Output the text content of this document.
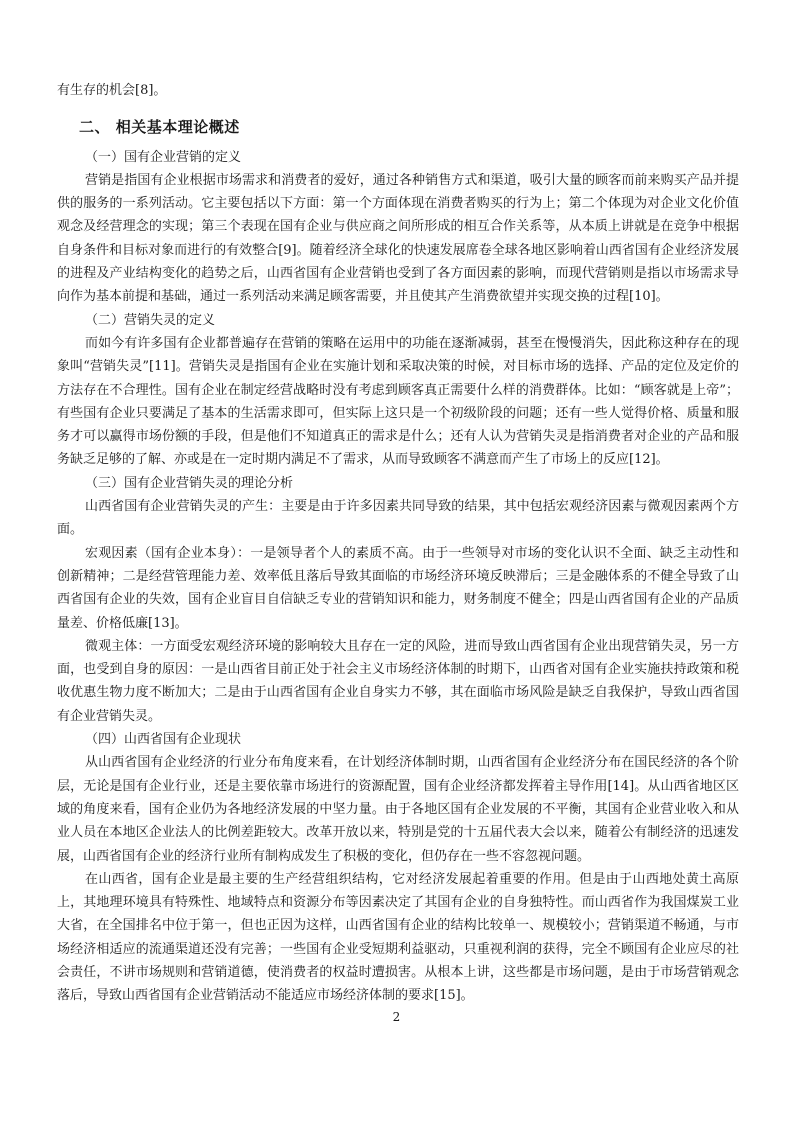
有生存的机会[8]。

二、 相关基本理论概述

（一）国有企业营销的定义

营销是指国有企业根据市场需求和消费者的爱好，通过各种销售方式和渠道，吸引大量的顾客而前来购买产品并提供的服务的一系列活动。它主要包括以下方面：第一个方面体现在消费者购买的行为上；第二个体现为对企业文化价值观念及经营理念的实现；第三个表现在国有企业与供应商之间所形成的相互合作关系等，从本质上讲就是在竞争中根据自身条件和目标对象而进行的有效整合[9]。随着经济全球化的快速发展席卷全球各地区影响着山西省国有企业经济发展的进程及产业结构变化的趋势之后，山西省国有企业营销也受到了各方面因素的影响，而现代营销则是指以市场需求导向作为基本前提和基础，通过一系列活动来满足顾客需要，并且使其产生消费欲望并实现交换的过程[10]。

（二）营销失灵的定义

而如今有许多国有企业都普遍存在营销的策略在运用中的功能在逐渐减弱，甚至在慢慢消失，因此称这种存在的现象叫“营销失灵”[11]。营销失灵是指国有企业在实施计划和采取决策的时候，对目标市场的选择、产品的定位及定价的方法存在不合理性。国有企业在制定经营战略时没有考虑到顾客真正需要什么样的消费群体。比如：“顾客就是上帝”；有些国有企业只要满足了基本的生活需求即可，但实际上这只是一个初级阶段的问题；还有一些人觉得价格、质量和服务才可以赢得市场份额的手段，但是他们不知道真正的需求是什么；还有人认为营销失灵是指消费者对企业的产品和服务缺乏足够的了解、亦或是在一定时期内满足不了需求，从而导致顾客不满意而产生了市场上的反应[12]。

（三）国有企业营销失灵的理论分析

山西省国有企业营销失灵的产生：主要是由于许多因素共同导致的结果，其中包括宏观经济因素与微观因素两个方面。

宏观因素（国有企业本身）：一是领导者个人的素质不高。由于一些领导对市场的变化认识不全面、缺乏主动性和创新精神；二是经营管理能力差、效率低且落后导致其面临的市场经济环境反映滞后；三是金融体系的不健全导致了山西省国有企业的失效，国有企业盲目自信缺乏专业的营销知识和能力，财务制度不健全；四是山西省国有企业的产品质量差、价格低廉[13]。

微观主体：一方面受宏观经济环境的影响较大且存在一定的风险，进而导致山西省国有企业出现营销失灵，另一方面，也受到自身的原因：一是山西省目前正处于社会主义市场经济体制的时期下，山西省对国有企业实施扶持政策和税收优惠生物力度不断加大；二是由于山西省国有企业自身实力不够，其在面临市场风险是缺乏自我保护，导致山西省国有企业营销失灵。

（四）山西省国有企业现状

从山西省国有企业经济的行业分布角度来看，在计划经济体制时期，山西省国有企业经济分布在国民经济的各个阶层，无论是国有企业行业，还是主要依靠市场进行的资源配置，国有企业经济都发挥着主导作用[14]。从山西省地区区域的角度来看，国有企业仍为各地经济发展的中坚力量。由于各地区国有企业发展的不平衡，其国有企业营业收入和从业人员在本地区企业法人的比例差距较大。改革开放以来，特别是党的十五届代表大会以来，随着公有制经济的迅速发展，山西省国有企业的经济行业所有制构成发生了积极的变化，但仍存在一些不容忽视问题。

在山西省，国有企业是最主要的生产经营组织结构，它对经济发展起着重要的作用。但是由于山西地处黄土高原上，其地理环境具有特殊性、地域特点和资源分布等因素决定了其国有企业的自身独特性。而山西省作为我国煤炭工业大省，在全国排名中位于第一，但也正因为这样，山西省国有企业的结构比较单一、规模较小；营销渠道不畅通，与市场经济相适应的流通渠道还没有完善；一些国有企业受短期利益驱动，只重视利润的获得，完全不顾国有企业应尽的社会责任，不讲市场规则和营销道德，使消费者的权益时遭损害。从根本上讲，这些都是市场问题，是由于市场营销观念落后，导致山西省国有企业营销活动不能适应市场经济体制的要求[15]。

2
